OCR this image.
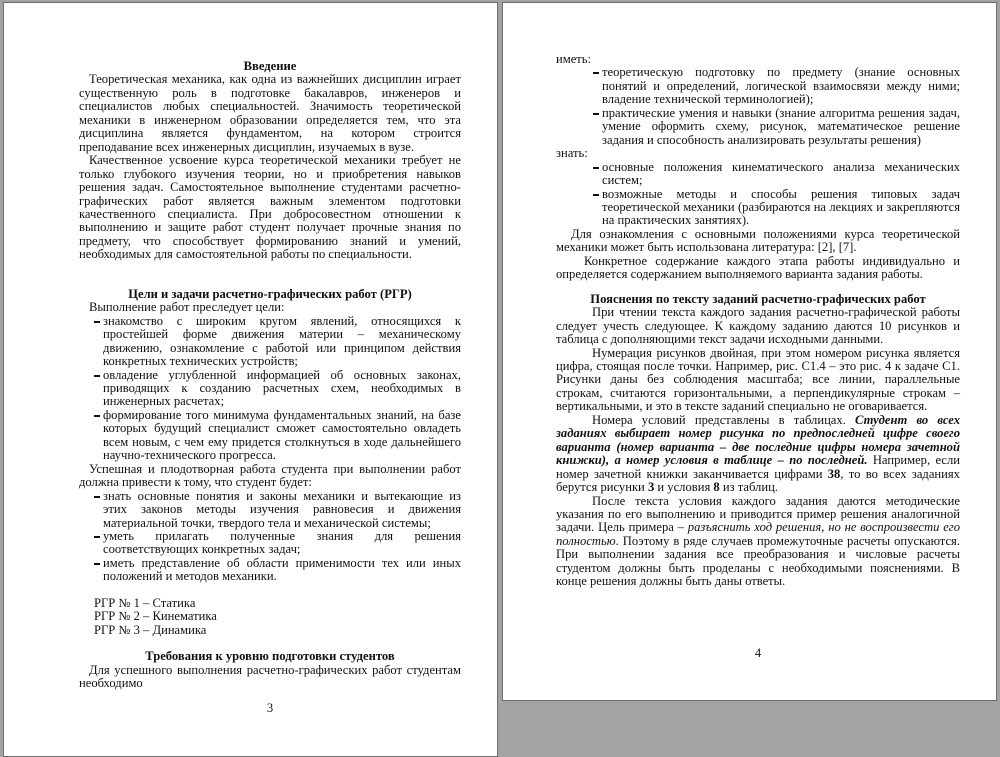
Введение
Теоретическая механика, как одна из важнейших дисциплин играет существенную роль в подготовке бакалавров, инженеров и специалистов любых специальностей. Значимость теоретической механики в инженерном образовании определяется тем, что эта дисциплина является фундаментом, на котором строится преподавание всех инженерных дисциплин, изучаемых в вузе.
Качественное усвоение курса теоретической механики требует не только глубокого изучения теории, но и приобретения навыков решения задач. Самостоятельное выполнение студентами расчетно-графических работ является важным элементом подготовки качественного специалиста. При добросовестном отношении к выполнению и защите работ студент получает прочные знания по предмету, что способствует формированию знаний и умений, необходимых для самостоятельной работы по специальности.
Цели и задачи расчетно-графических работ (РГР)
Выполнение работ преследует цели:
знакомство с широким кругом явлений, относящихся к простейшей форме движения материи – механическому движению, ознакомление с работой или принципом действия конкретных технических устройств;
овладение углубленной информацией об основных законах, приводящих к созданию расчетных схем, необходимых в инженерных расчетах;
формирование того минимума фундаментальных знаний, на базе которых будущий специалист сможет самостоятельно овладеть всем новым, с чем ему придется столкнуться в ходе дальнейшего научно-технического прогресса.
Успешная и плодотворная работа студента при выполнении работ должна привести к тому, что студент будет:
знать основные понятия и законы механики и вытекающие из этих законов методы изучения равновесия и движения материальной точки, твердого тела и механической системы;
уметь прилагать полученные знания для решения соответствующих конкретных задач;
иметь представление об области применимости тех или иных положений и методов механики.
РГР № 1 – Статика
РГР № 2 – Кинематика
РГР № 3 – Динамика
Требования к уровню подготовки студентов
Для успешного выполнения расчетно-графических работ студентам необходимо
3
иметь:
теоретическую подготовку по предмету (знание основных понятий и определений, логической взаимосвязи между ними; владение технической терминологией);
практические умения и навыки (знание алгоритма решения задач, умение оформить схему, рисунок, математическое решение задания и способность анализировать результаты решения)
знать:
основные положения кинематического анализа механических систем;
возможные методы и способы решения типовых задач теоретической механики (разбираются на лекциях и закрепляются на практических занятиях).
Для ознакомления с основными положениями курса теоретической механики может быть использована литература: [2], [7].
Конкретное содержание каждого этапа работы индивидуально и определяется содержанием выполняемого варианта задания работы.
Пояснения по тексту заданий расчетно-графических работ
При чтении текста каждого задания расчетно-графической работы следует учесть следующее. К каждому заданию даются 10 рисунков и таблица с дополняющими текст задачи исходными данными.
Нумерация рисунков двойная, при этом номером рисунка является цифра, стоящая после точки. Например, рис. С1.4 – это рис. 4 к задаче С1. Рисунки даны без соблюдения масштаба; все линии, параллельные строкам, считаются горизонтальными, а перпендикулярные строкам – вертикальными, и это в тексте заданий специально не оговаривается.
Номера условий представлены в таблицах. Студент во всех заданиях выбирает номер рисунка по предпоследней цифре своего варианта (номер варианта – две последние цифры номера зачетной книжки), а номер условия в таблице – по последней. Например, если номер зачетной книжки заканчивается цифрами 38, то во всех заданиях берутся рисунки 3 и условия 8 из таблиц.
После текста условия каждого задания даются методические указания по его выполнению и приводится пример решения аналогичной задачи. Цель примера – разъяснить ход решения, но не воспроизвести его полностью. Поэтому в ряде случаев промежуточные расчеты опускаются. При выполнении задания все преобразования и числовые расчеты студентом должны быть проделаны с необходимыми пояснениями. В конце решения должны быть даны ответы.
4
